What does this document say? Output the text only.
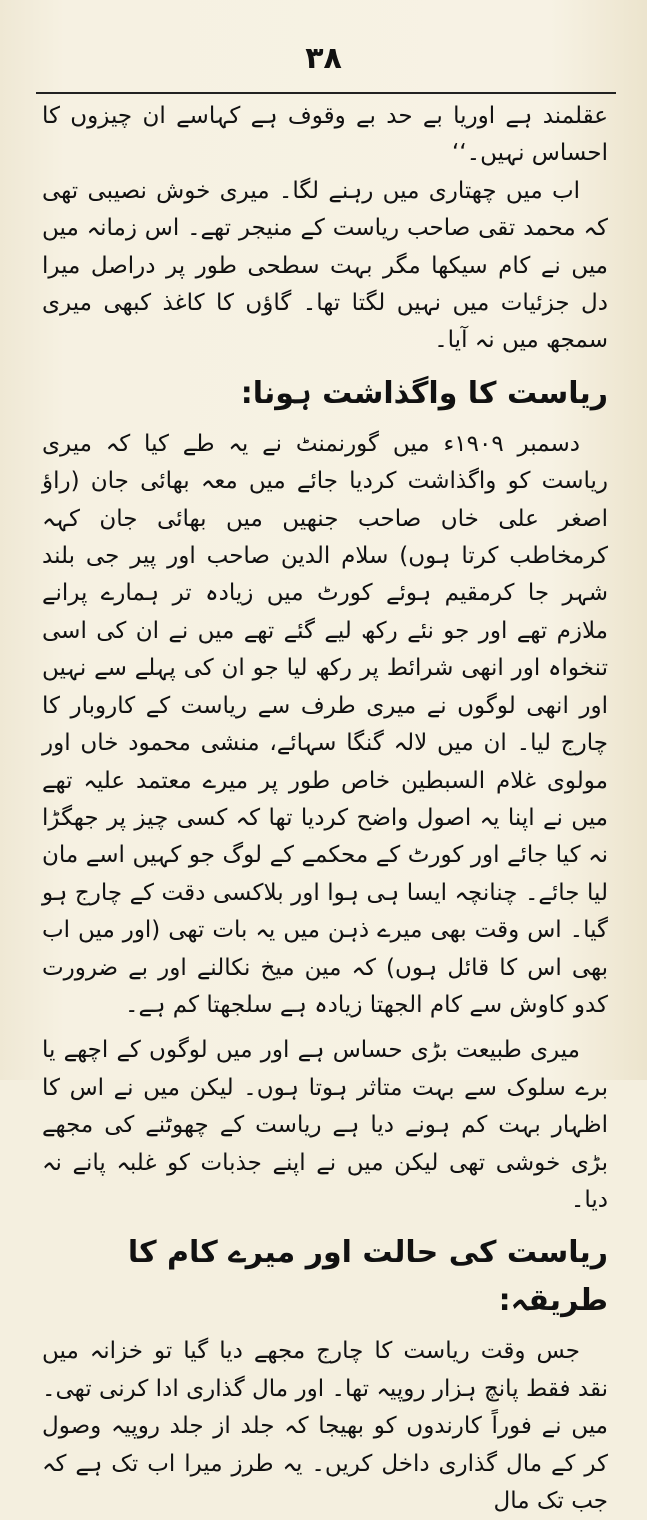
۳۸

عقلمند ہے اوریا بے حد بے وقوف ہے کہاسے ان چیزوں کا احساس نہیں۔‘‘

اب میں چھتاری میں رہنے لگا۔ میری خوش نصیبی تھی کہ محمد تقی صاحب ریاست کے منیجر تھے۔ اس زمانہ میں میں نے کام سیکھا مگر بہت سطحی طور پر دراصل میرا دل جزئیات میں نہیں لگتا تھا۔ گاؤں کا کاغذ کبھی میری سمجھ میں نہ آیا۔

ریاست کا واگذاشت ہونا:

دسمبر ۱۹۰۹ء میں گورنمنٹ نے یہ طے کیا کہ میری ریاست کو واگذاشت کردیا جائے میں معہ بھائی جان (راؤ اصغر علی خاں صاحب جنھیں میں بھائی جان کہہ کرمخاطب کرتا ہوں) سلام الدین صاحب اور پیر جی بلند شہر جا کرمقیم ہوئے کورٹ میں زیادہ تر ہمارے پرانے ملازم تھے اور جو نئے رکھ لیے گئے تھے میں نے ان کی اسی تنخواہ اور انھی شرائط پر رکھ لیا جو ان کی پہلے سے نہیں اور انھی لوگوں نے میری طرف سے ریاست کے کاروبار کا چارج لیا۔ ان میں لالہ گنگا سہائے، منشی محمود خاں اور مولوی غلام السبطین خاص طور پر میرے معتمد علیہ تھے میں نے اپنا یہ اصول واضح کردیا تھا کہ کسی چیز پر جھگڑا نہ کیا جائے اور کورٹ کے محکمے کے لوگ جو کہیں اسے مان لیا جائے۔ چنانچہ ایسا ہی ہوا اور بلاکسی دقت کے چارج ہو گیا۔ اس وقت بھی میرے ذہن میں یہ بات تھی (اور میں اب بھی اس کا قائل ہوں) کہ مین میخ نکالنے اور بے ضرورت کدو کاوش سے کام الجھتا زیادہ ہے سلجھتا کم ہے۔

میری طبیعت بڑی حساس ہے اور میں لوگوں کے اچھے یا برے سلوک سے بہت متاثر ہوتا ہوں۔ لیکن میں نے اس کا اظہار بہت کم ہونے دیا ہے ریاست کے چھوٹنے کی مجھے بڑی خوشی تھی لیکن میں نے اپنے جذبات کو غلبہ پانے نہ دیا۔

ریاست کی حالت اور میرے کام کا طریقہ:

جس وقت ریاست کا چارج مجھے دیا گیا تو خزانہ میں نقد فقط پانچ ہزار روپیہ تھا۔ اور مال گذاری ادا کرنی تھی۔ میں نے فوراً کارندوں کو بھیجا کہ جلد از جلد روپیہ وصول کر کے مال گذاری داخل کریں۔ یہ طرز میرا اب تک ہے کہ جب تک مال
